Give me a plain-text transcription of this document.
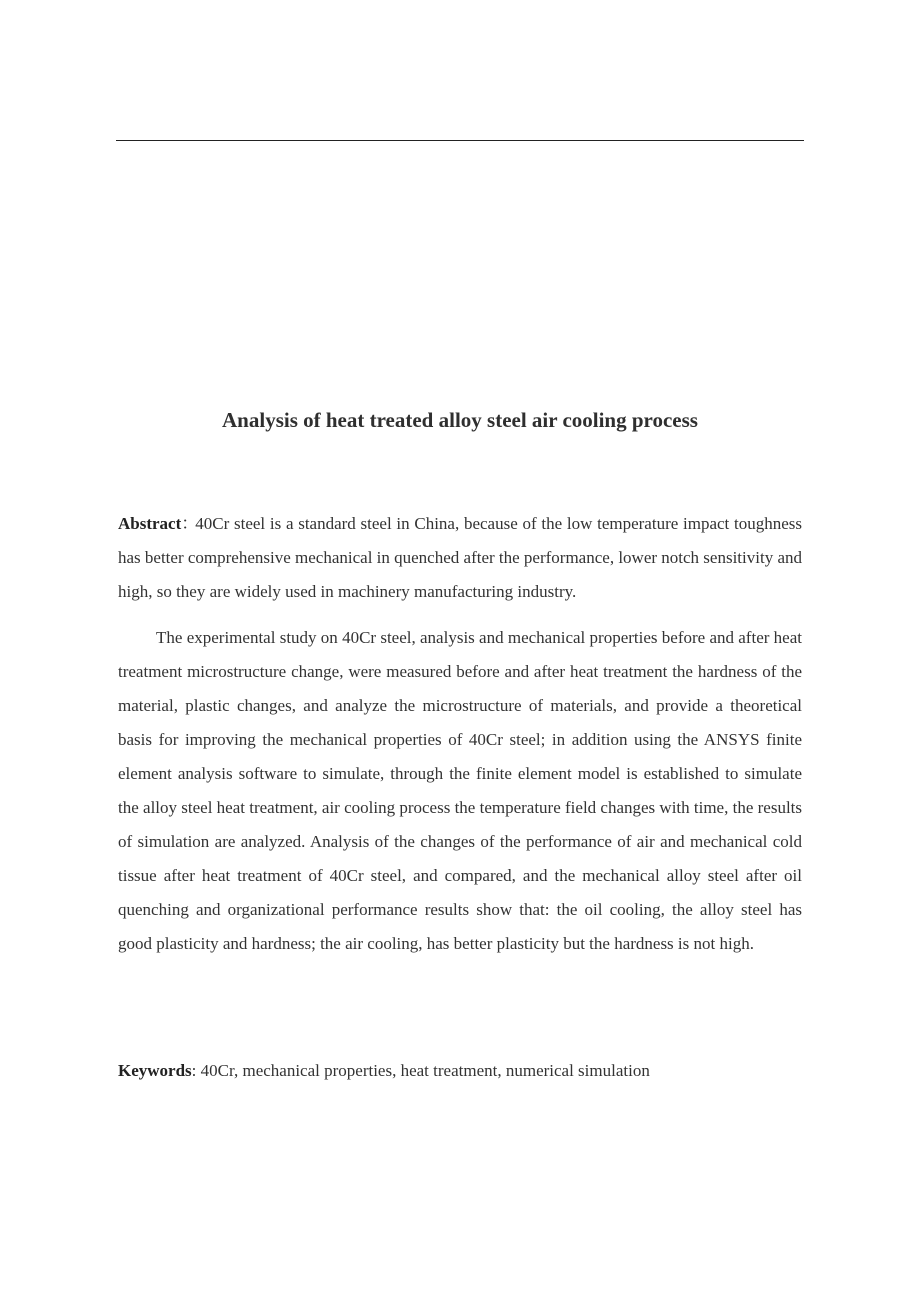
Analysis of heat treated alloy steel air cooling process
Abstract：40Cr steel is a standard steel in China, because of the low temperature impact toughness has better comprehensive mechanical in quenched after the performance, lower notch sensitivity and high, so they are widely used in machinery manufacturing industry.
The experimental study on 40Cr steel, analysis and mechanical properties before and after heat treatment microstructure change, were measured before and after heat treatment the hardness of the material, plastic changes, and analyze the microstructure of materials, and provide a theoretical basis for improving the mechanical properties of 40Cr steel; in addition using the ANSYS finite element analysis software to simulate, through the finite element model is established to simulate the alloy steel heat treatment, air cooling process the temperature field changes with time, the results of simulation are analyzed. Analysis of the changes of the performance of air and mechanical cold tissue after heat treatment of 40Cr steel, and compared, and the mechanical alloy steel after oil quenching and organizational performance results show that: the oil cooling, the alloy steel has good plasticity and hardness; the air cooling, has better plasticity but the hardness is not high.
Keywords: 40Cr, mechanical properties, heat treatment, numerical simulation
